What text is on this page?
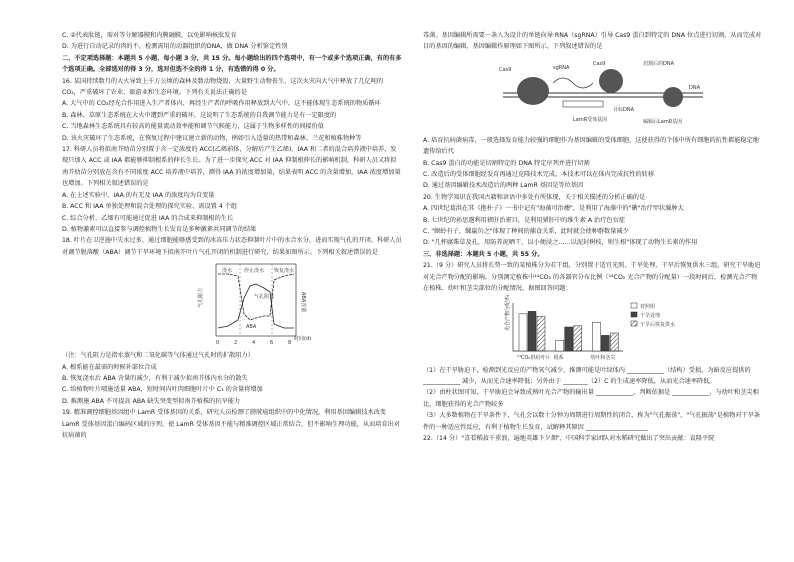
C. ②代表肽链，需对等分解器膜和内膜融膜，以免影响核肽发育

D. 为进行自动记录的肉的不，检测需用的动器组织的DNA，做 DNA 分析鉴定性别

二、不定项选择题：本题共 5 小题，每小题 3 分，共 15 分。每小题给出的四个选项中，有一个或多个选项正确，有的有多个选项正确。全部选对的得 3 分，选对但选不全的得 1 分，有选错的得 0 分。

16. 某国持续数月的大火导致上千万公顷的森林及数动物烧毁，大量野生动物丧生，这次火灾向大气中释放了几亿吨的 CO₂，严重破坏了农业、旅游业和生态环境。下列有关说法正确的是

A. 大气中的 CO₂经光合作用进入生产者体内，再经生产者的呼吸作用释放到大气中，这不能体现生态系统的物质循环

B. 森林、草原生态系统在大火中遭到严重的破坏，这说明了生态系统的自我调节能力是有一定限度的

C. 当地森林生态系统具有较高的能量流动效率能和调节气候能力，这属于生物多样性的间接价值

D. 该火灾破坏了生态系统，在恢复过程中建议建立新的动物，例如引入适量的热带和森林、兰花和植株物种等

17. 科研人员将拟南芥幼苗分别置于含一定浓度的 ACC(乙烯前体，分解后产生乙烯)、IAA 和二者的混合培养液中培养，发现只加入 ACC 或 IAA 都能够抑制根系的伸长生长。为了进一步探究 ACC 对 IAA 抑制根伸长的影响机制，科研人员又将拟南芥幼苗分别放在含有不同浓度 ACC 培养液中培养，测得 IAA 的浓度增加量，结果表明 ACC 的含量增加，IAA 浓度增加量也增加。下列相关叙述错误的是

A. 在上述实验中，IAA 的有无及 IAA 的浓度均为自变量

B. ACC 和 IAA 单独处理和混合处理的探究实验，需设置 4 个组

C. 综合分析，乙烯有可能通过促进 IAA 的合成来抑制根的生长

D. 植物激素可以直接参与调控植物生长发育是多种激素共同调节的结果

18. 叶片在卫逆施中失水过多，通过细胞能够感受到的冰冻压力状态抑制叶片中的水合水分，进而实现气孔的开闭、科研人员对调节脱落酸（ABA）调节干旱环境下拟南芥叶片气孔开闭的机制进行研究，结果如图所示。下列相关叙述错误的是

浇水 停止浇水 恢复浇水
ABA
气孔阻力
气孔阻力	ABA含量
0	2	4	6	8
时间(d)

（注：气孔阻力是指水蒸气和二氧化碳等气体通过气孔时的扩散阻力）

A. 根系能在最需的时候补部位合成

B. 恢复浇水后 ABA 含量的减少，有利于减少拟南芥体内水分的散失

C. 给植物叶片喷施适量 ABA，短时间内叶肉细胞叶片中 C₃ 的含量将增加

D. 推测施 ABA 不可提高 ABA 缺失突变型拟南芥植株的抗旱能力

19. 精准调控细胞基因组中 LamR 受体基因的关系，研究人员检测了膀胱癌组织中的中化情况，利用基因编辑技术改变 LamR 受体基因蛋白编码区域的序列，使 LamR 受体基因不能与精准调控区域正常结合，但不影响生理功能，从而培育出对抗病菌的

毒菌。基因编辑所需要一条人为设计的单链向导 RNA（sgRNA）引导 Cas9 蛋白到特定的 DNA 位点进行切割，从而完成对目的基因的编辑，基因编辑作原理如下图所示，下列叙述错误的是

Cas9	sgRNA
目标DNA
Cas9	切割后的DNA
DNA
LamR受体基因	编辑后LamR基因

A. 培育抗病菌病毒，一般选择发育能力较强的细胞作为基因编辑的受体细胞，这使获得的个体中所有细胞的抗性都能稳定地遗传给后代

B. Cas9 蛋白的功能是切割特定的 DNA 特定序列并进行切割

C. 改造后的受体细胞经发育再通过克隆技术完成，本技术可以在体内完成抗性的转移

D. 通过基因编辑技术改造后的两种 LamR 基因是等位基因

20. 生物学知识在我国古籍和谚语中多处有所体现，关于相关描述的分析正确的是

A. 四世纪葛洪在其《抱朴子》一书中记有"海藻可治瘿"，是利用了海藻中的"碘"治疗甲状腺肿大

B. 七世纪的孙思邈利用猪肝治雀目，是利用猪肝中的维生素 A 治疗色盲症

C. "螟蛉有子，蜾蠃负之"体现了种间的捕食关系，此时就会使种群数量减少

D. "几杯腐柴草及孔，用防养泥晒干，以小便浸之……以泥封树枝，则生根"体现了动物生长素的作用

三、非选择题：本题共 5 小题，共 55 分。

21.（9 分）研究人员将长势一致的某植株分为若干组，分别置于适宜光照、干旱处理、干旱后恢复供水三组，研究干旱胁迫对光合产物分配的影响，分别测定植株中¹⁴CO₂ 的各器官分布比例（¹⁴CO₂ 光合产物的分配量）一段时间后，检测光合产物在植株、幼叶和茎尖部位的分配情况，据图回答问题：

光合产物分配率(%)
¹⁴CO₂供给叶片 根系	幼叶和茎尖
对照组
干旱处理
干旱后恢复供水

（1）在干旱胁迫下，检测到光反应的产物氧气减少，推测可能是叶绿体内 ____________（结构）受损，为暗反应提供的 ____________ 减少，从而光合速率降低；另外由于 ________（2）C 的生成速率降低，从而光合速率降低。

（2）由柱状图可知，干旱胁迫会导致成熟叶光合产物的输出量 ____________，判断依据是 ____________，与幼叶和茎尖相比，细胞获得的光合产物较多

（3）大多数植物在干旱条件下，气孔会以数十分钟为周期进行周期性的闭合，称为"气孔振荡"，"气孔振荡"是植物对干旱条件的一种适应性反应，有利于植物生长发育，试解释其原因 ____________________

22.（14 分）"喜看稻菽千重浪，遍地英雄下夕烟"，中国科学家团队对水稻研究做出了突出贡献：袁隆平院
